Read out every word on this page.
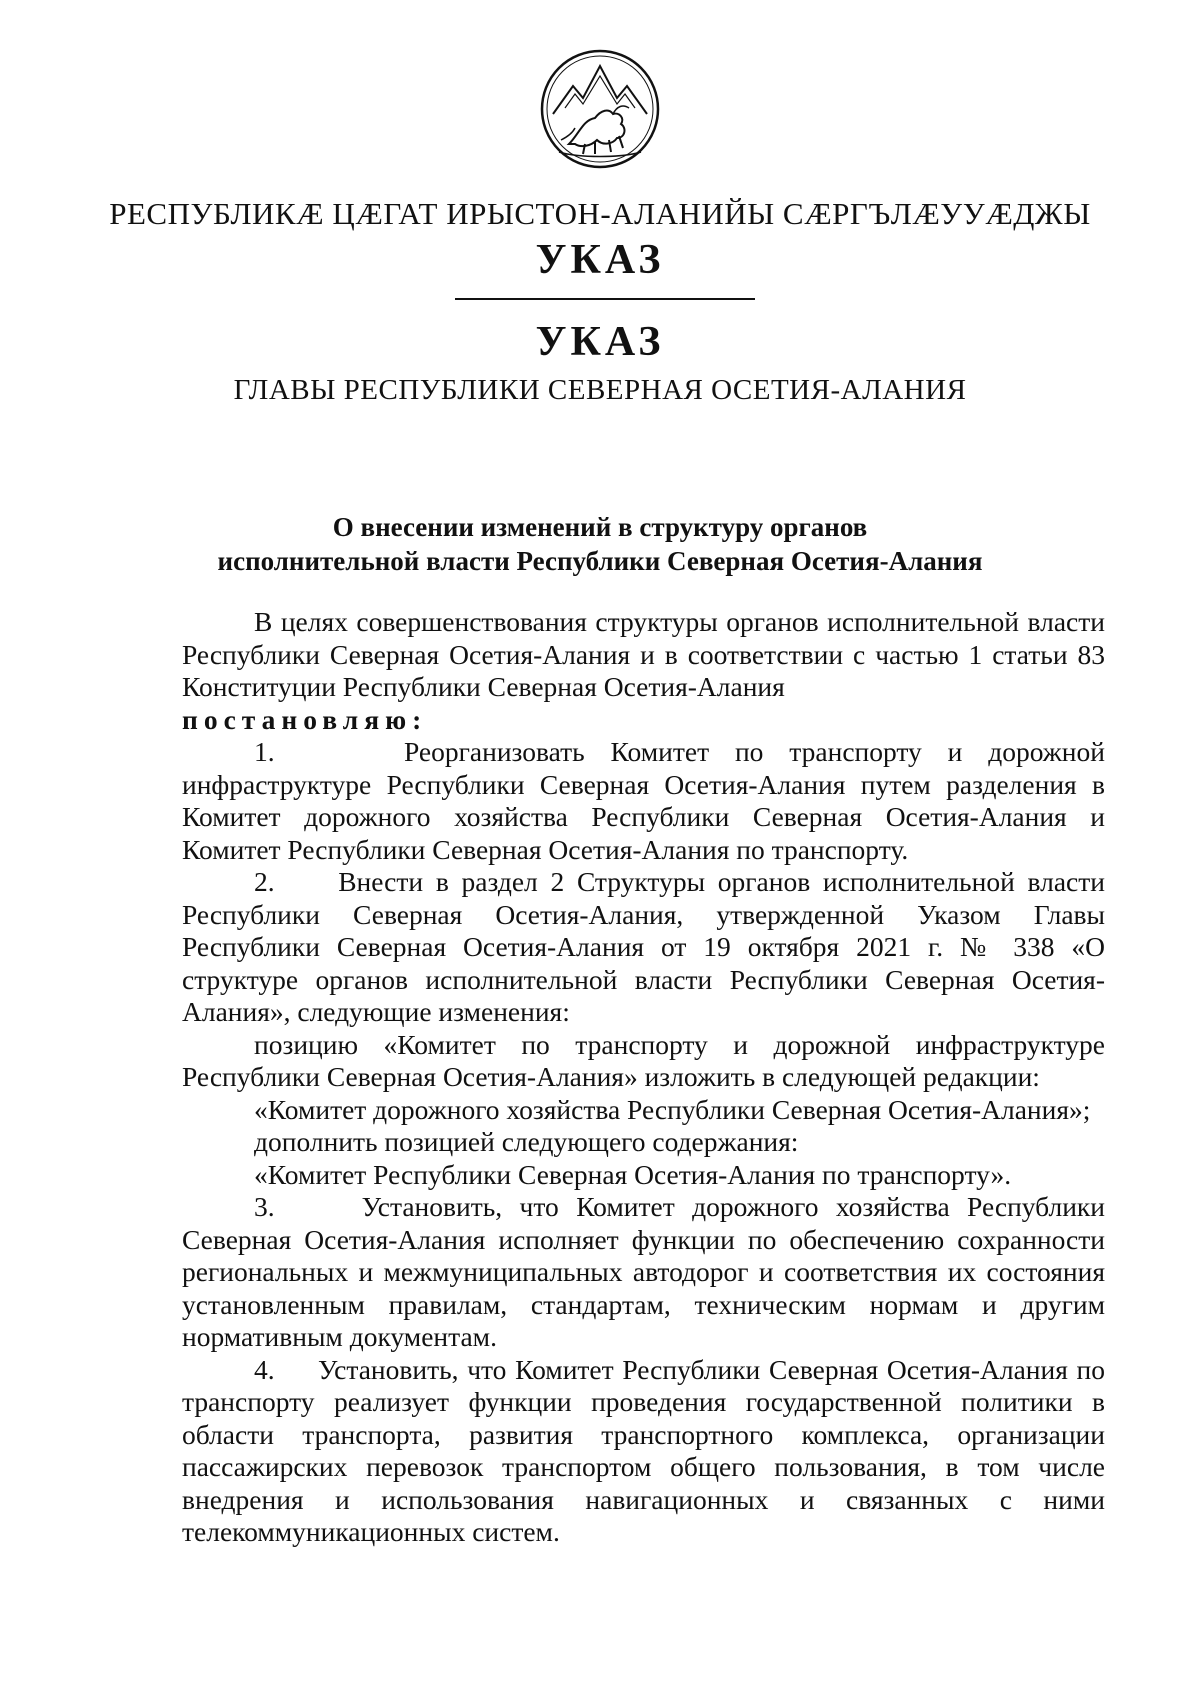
РЕСПУБЛИКӔ ЦӔГАТ ИРЫСТОН-АЛАНИЙЫ СӔРГЪЛӔУУӔДЖЫ
УКАЗ
УКАЗ
ГЛАВЫ РЕСПУБЛИКИ СЕВЕРНАЯ ОСЕТИЯ-АЛАНИЯ
О внесении изменений в структуру органов
исполнительной власти Республики Северная Осетия-Алания

В целях совершенствования структуры органов исполнительной власти Республики Северная Осетия-Алания и в соответствии с частью 1 статьи 83 Конституции Республики Северная Осетия-Алания
постановляю:

1.	Реорганизовать Комитет по транспорту и дорожной инфраструктуре Республики Северная Осетия-Алания путем разделения в Комитет дорожного хозяйства Республики Северная Осетия-Алания и Комитет Республики Северная Осетия-Алания по транспорту.

2. Внести в раздел 2 Структуры органов исполнительной власти Республики Северная Осетия-Алания, утвержденной Указом Главы Республики Северная Осетия-Алания от 19 октября 2021 г. № 338 «О структуре органов исполнительной власти Республики Северная Осетия-Алания», следующие изменения:

позицию «Комитет по транспорту и дорожной инфраструктуре Республики Северная Осетия-Алания» изложить в следующей редакции:

«Комитет дорожного хозяйства Республики Северная Осетия-Алания»;

дополнить позицией следующего содержания:

«Комитет Республики Северная Осетия-Алания по транспорту».

3.	Установить, что Комитет дорожного хозяйства Республики Северная Осетия-Алания исполняет функции по обеспечению сохранности региональных и межмуниципальных автодорог и соответствия их состояния установленным правилам, стандартам, техническим нормам и другим нормативным документам.

4. Установить, что Комитет Республики Северная Осетия-Алания по транспорту реализует функции проведения государственной политики в области транспорта, развития транспортного комплекса, организации пассажирских перевозок транспортом общего пользования, в том числе внедрения и использования навигационных и связанных с ними телекоммуникационных систем.
